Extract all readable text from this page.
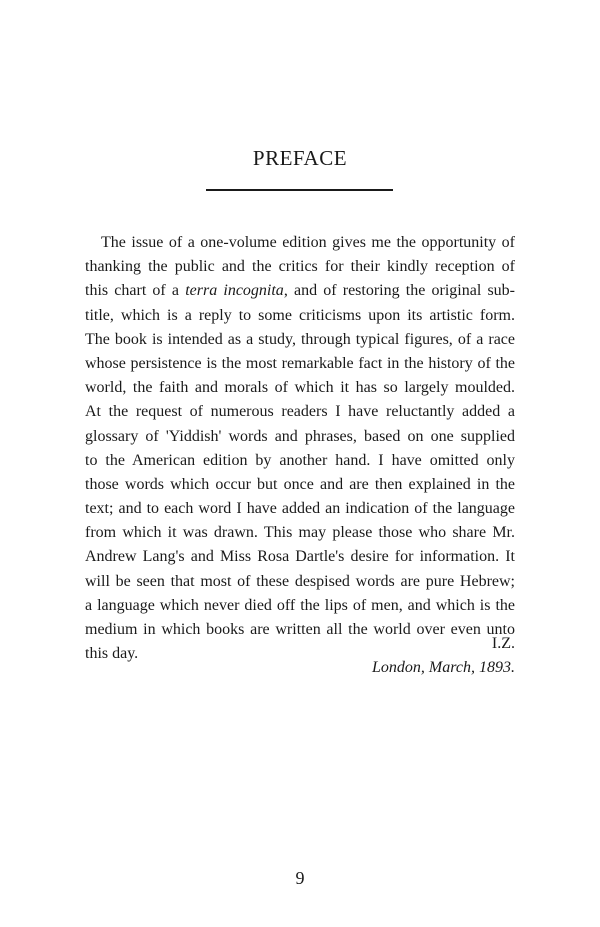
PREFACE
The issue of a one-volume edition gives me the opportunity of
thanking the public and the critics for their kindly reception of
this chart of a terra incognita, and of restoring the original sub-
title, which is a reply to some criticisms upon its artistic form.
The book is intended as a study, through typical figures, of a race
whose persistence is the most remarkable fact in the history of the
world, the faith and morals of which it has so largely moulded.
At the request of numerous readers I have reluctantly added a
glossary of 'Yiddish' words and phrases, based on one supplied
to the American edition by another hand. I have omitted only
those words which occur but once and are then explained in the
text; and to each word I have added an indication of the language
from which it was drawn. This may please those who share Mr.
Andrew Lang's and Miss Rosa Dartle's desire for information. It
will be seen that most of these despised words are pure Hebrew;
a language which never died off the lips of men, and which is the
medium in which books are written all the world over even unto
this day.
I.Z.
London, March, 1893.
9
